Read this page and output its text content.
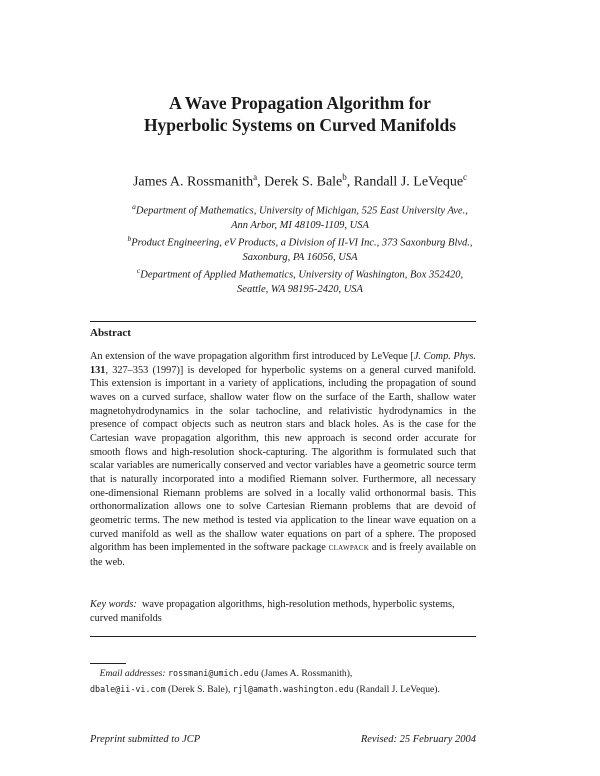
A Wave Propagation Algorithm for
Hyperbolic Systems on Curved Manifolds
James A. Rossmanith$^a$, Derek S. Bale$^b$, Randall J. LeVeque$^c$
$^a$Department of Mathematics, University of Michigan, 525 East University Ave.,
Ann Arbor, MI 48109-1109, USA
$^b$Product Engineering, eV Products, a Division of II-VI Inc., 373 Saxonburg Blvd.,
Saxonburg, PA 16056, USA
$^c$Department of Applied Mathematics, University of Washington, Box 352420,
Seattle, WA 98195-2420, USA
Abstract

An extension of the wave propagation algorithm first introduced by LeVeque [J. Comp. Phys. 131, 327–353 (1997)] is developed for hyperbolic systems on a general curved manifold. This extension is important in a variety of applications, including the propagation of sound waves on a curved surface, shallow water flow on the surface of the Earth, shallow water magnetohydrodynamics in the solar tachocline, and relativistic hydrodynamics in the presence of compact objects such as neutron stars and black holes. As is the case for the Cartesian wave propagation algorithm, this new approach is second order accurate for smooth flows and high-resolution shock-capturing. The algorithm is formulated such that scalar variables are numerically conserved and vector variables have a geometric source term that is naturally incorporated into a modified Riemann solver. Furthermore, all necessary one-dimensional Riemann problems are solved in a locally valid orthonormal basis. This orthonormalization allows one to solve Cartesian Riemann problems that are devoid of geometric terms. The new method is tested via application to the linear wave equation on a curved manifold as well as the shallow water equations on part of a sphere. The proposed algorithm has been implemented in the software package clawpack and is freely available on the web.

Key words: wave propagation algorithms, high-resolution methods, hyperbolic systems, curved manifolds

Email addresses: rossmani@umich.edu (James A. Rossmanith),
dbale@ii-vi.com (Derek S. Bale), rjl@amath.washington.edu (Randall J. LeVeque).

Preprint submitted to JCP	Revised: 25 February 2004
